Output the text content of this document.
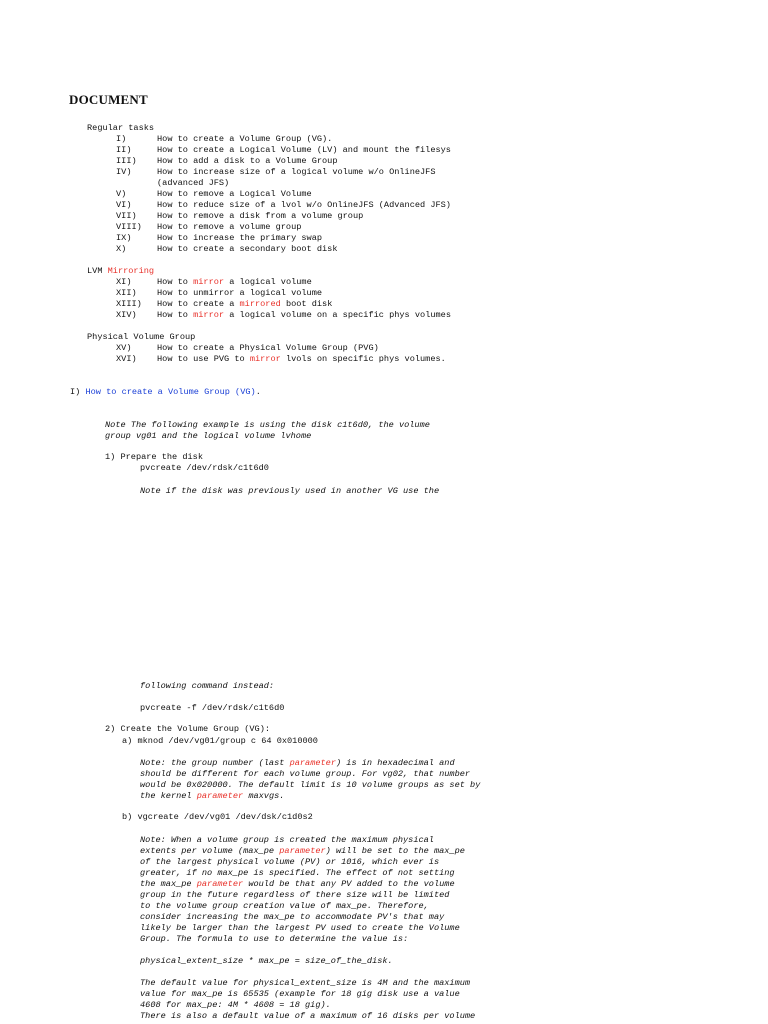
DOCUMENT
Regular tasks
I)	How to create a Volume Group (VG).
II)	How to create a Logical Volume (LV) and mount the filesys
III) How to add a disk to a Volume Group
IV)	How to increase size of a logical volume w/o OnlineJFS
(advanced JFS)
V)	How to remove a Logical Volume
VI)	How to reduce size of a lvol w/o OnlineJFS (Advanced JFS)
VII) How to remove a disk from a volume group
VIII) How to remove a volume group
IX)	How to increase the primary swap
X)	How to create a secondary boot disk
LVM Mirroring
XI)	How to mirror a logical volume
XII) How to unmirror a logical volume
XIII) How to create a mirrored boot disk
XIV) How to mirror a logical volume on a specific phys volumes
Physical Volume Group
XV)	How to create a Physical Volume Group (PVG)
XVI) How to use PVG to mirror lvols on specific phys volumes.
I) How to create a Volume Group (VG).
Note The following example is using the disk c1t6d0, the volume
group vg01 and the logical volume lvhome
1) Prepare the disk
pvcreate /dev/rdsk/c1t6d0
Note if the disk was previously used in another VG use the
following command instead:
pvcreate -f /dev/rdsk/c1t6d0
2) Create the Volume Group (VG):
a) mknod /dev/vg01/group c 64 0x010000
Note: the group number (last parameter) is in hexadecimal and
should be different for each volume group. For vg02, that number
would be 0x020000. The default limit is 10 volume groups as set by
the kernel parameter maxvgs.
b) vgcreate /dev/vg01 /dev/dsk/c1d0s2
Note: When a volume group is created the maximum physical
extents per volume (max_pe parameter) will be set to the max_pe
of the largest physical volume (PV) or 1016, which ever is
greater, if no max_pe is specified. The effect of not setting
the max_pe parameter would be that any PV added to the volume
group in the future regardless of there size will be limited
to the volume group creation value of max_pe. Therefore,
consider increasing the max_pe to accommodate PV's that may
likely be larger than the largest PV used to create the Volume
Group. The formula to use to determine the value is:
physical_extent_size * max_pe = size_of_the_disk.
The default value for physical_extent_size is 4M and the maximum
value for max_pe is 65535 (example for 18 gig disk use a value
4608 for max_pe: 4M * 4608 = 18 gig).
There is also a default value of a maximum of 16 disks per volume
